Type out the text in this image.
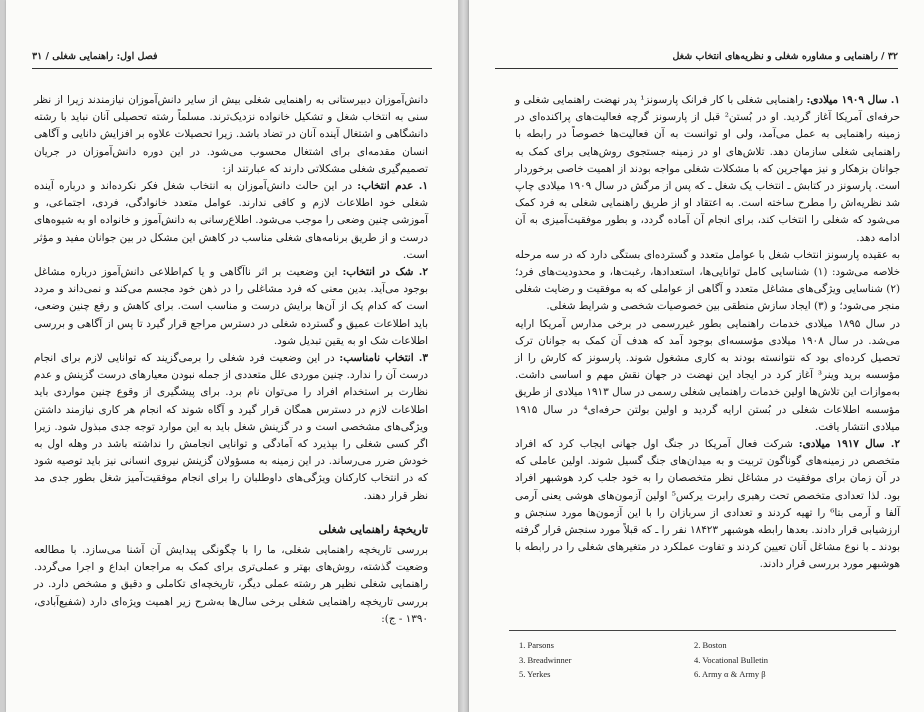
فصل اول: راهنمایی شغلی / ۳۱

دانش‌آموزان دبیرستانی به راهنمایی شغلی بیش از سایر دانش‌آموزان نیازمندند زیرا از نظر سنی به انتخاب شغل و تشکیل خانواده نزدیک‌ترند. مسلماً رشته تحصیلی آنان نباید با رشته دانشگاهی و اشتغال آینده آنان در تضاد باشد. زیرا تحصیلات علاوه بر افزایش دانایی و آگاهی انسان مقدمه‌ای برای اشتغال محسوب می‌شود. در این دوره دانش‌آموزان در جریان تصمیم‌گیری شغلی مشکلاتی دارند که عبارتند از:

۱. عدم انتخاب: در این حالت دانش‌آموزان به انتخاب شغل فکر نکرده‌اند و درباره آینده شغلی خود اطلاعات لازم و کافی ندارند. عوامل متعدد خانوادگی، فردی، اجتماعی، و آموزشی چنین وضعی را موجب می‌شود. اطلاع‌رسانی به دانش‌آموز و خانواده او به شیوه‌های درست و از طریق برنامه‌های شغلی مناسب در کاهش این مشکل در بین جوانان مفید و مؤثر است.

۲. شک در انتخاب: این وضعیت بر اثر ناآگاهی و یا کم‌اطلاعی دانش‌آموز درباره مشاغل بوجود می‌آید. بدین معنی که فرد مشاغلی را در ذهن خود مجسم می‌کند و نمی‌داند و مردد است که کدام یک از آن‌ها برایش درست و مناسب است. برای کاهش و رفع چنین وضعی، باید اطلاعات عمیق و گسترده شغلی در دسترس مراجع قرار گیرد تا پس از آگاهی و بررسی اطلاعات شک او به یقین تبدیل شود.

۳. انتخاب نامناسب: در این وضعیت فرد شغلی را برمی‌گزیند که توانایی لازم برای انجام درست آن را ندارد. چنین موردی علل متعددی از جمله نبودن معیارهای درست گزینش و عدم نظارت بر استخدام افراد را می‌توان نام برد. برای پیشگیری از وقوع چنین مواردی باید اطلاعات لازم در دسترس همگان قرار گیرد و آگاه شوند که انجام هر کاری نیازمند داشتن ویژگی‌های مشخصی است و در گزینش شغل باید به این موارد توجه جدی مبذول شود. زیرا اگر کسی شغلی را بپذیرد که آمادگی و توانایی انجامش را نداشته باشد در وهله اول به خودش ضرر می‌رساند. در این زمینه به مسؤولان گزینش نیروی انسانی نیز باید توصیه شود که در انتخاب کارکنان ویژگی‌های داوطلبان را برای انجام موفقیت‌آمیز شغل بطور جدی مد نظر قرار دهند.

تاریخچهٔ راهنمایی شغلی

بررسی تاریخچه راهنمایی شغلی، ما را با چگونگی پیدایش آن آشنا می‌سازد. با مطالعه وضعیت گذشته، روش‌های بهتر و عملی‌تری برای کمک به مراجعان ابداع و اجرا می‌گردد. راهنمایی شغلی نظیر هر رشته عملی دیگر، تاریخچه‌ای تکاملی و دقیق و مشخص دارد. در بررسی تاریخچه راهنمایی شغلی برخی سال‌ها به‌شرح زیر اهمیت ویژه‌ای دارد (شفیع‌آبادی، ۱۳۹۰ - ج):

۳۲ / راهنمایی و مشاوره شغلی و نظریه‌های انتخاب شغل

۱. سال ۱۹۰۹ میلادی: راهنمایی شغلی با کار فرانک پارسونز¹ پدر نهضت راهنمایی شغلی و حرفه‌ای آمریکا آغاز گردید. او در بُستن² قبل از پارسونز گرچه فعالیت‌های پراکنده‌ای در زمینه راهنمایی به عمل می‌آمد، ولی او توانست به آن فعالیت‌ها خصوصاً در رابطه با راهنمایی شغلی سازمان دهد. تلاش‌های او در زمینه جستجوی روش‌هایی برای کمک به جوانان بزهکار و نیز مهاجرین که با مشکلات شغلی مواجه بودند از اهمیت خاصی برخوردار است. پارسونز در کتابش ـ انتخاب یک شغل ـ که پس از مرگش در سال ۱۹۰۹ میلادی چاپ شد نظریه‌اش را مطرح ساخته است. به اعتقاد او از طریق راهنمایی شغلی به فرد کمک می‌شود که شغلی را انتخاب کند، برای انجام آن آماده گردد، و بطور موفقیت‌آمیزی به آن ادامه دهد.

به عقیده پارسونز انتخاب شغل با عوامل متعدد و گسترده‌ای بستگی دارد که در سه مرحله خلاصه می‌شود: (۱) شناسایی کامل توانایی‌ها، استعدادها، رغبت‌ها، و محدودیت‌های فرد؛ (۲) شناسایی ویژگی‌های مشاغل متعدد و آگاهی از عواملی که به موفقیت و رضایت شغلی منجر می‌شود؛ و (۳) ایجاد سازش منطقی بین خصوصیات شخصی و شرایط شغلی.

در سال ۱۸۹۵ میلادی خدمات راهنمایی بطور غیررسمی در برخی مدارس آمریکا ارایه می‌شد. در سال ۱۹۰۸ میلادی مؤسسه‌ای بوجود آمد که هدف آن کمک به جوانان ترک تحصیل کرده‌ای بود که نتوانسته بودند به کاری مشغول شوند. پارسونز که کارش را از مؤسسه برید وینر³ آغاز کرد در ایجاد این نهضت در جهان نقش مهم و اساسی داشت. به‌موازات این تلاش‌ها اولین خدمات راهنمایی شغلی رسمی در سال ۱۹۱۳ میلادی از طریق مؤسسه اطلاعات شغلی در بُستن ارایه گردید و اولین بولتن حرفه‌ای⁴ در سال ۱۹۱۵ میلادی انتشار یافت.

۲. سال ۱۹۱۷ میلادی: شرکت فعال آمریکا در جنگ اول جهانی ایجاب کرد که افراد متخصص در زمینه‌های گوناگون تربیت و به میدان‌های جنگ گسیل شوند. اولین عاملی که در آن زمان برای موفقیت در مشاغل نظر متخصصان را به خود جلب کرد هوشبهر افراد بود. لذا تعدادی متخصص تحت رهبری رابرت یرکس⁵ اولین آزمون‌های هوشی یعنی آرمی آلفا و آرمی بتا⁶ را تهیه کردند و تعدادی از سربازان را با این آزمون‌ها مورد سنجش و ارزشیابی قرار دادند. بعدها رابطه هوشبهر ۱۸۴۲۳ نفر را ـ که قبلاً مورد سنجش قرار گرفته بودند ـ با نوع مشاغل آنان تعیین کردند و تفاوت عملکرد در متغیرهای شغلی را در رابطه با هوشبهر مورد بررسی قرار دادند.

1. Parsons	2. Boston
3. Breadwinner	4. Vocational Bulletin
5. Yerkes	6. Army α & Army β
